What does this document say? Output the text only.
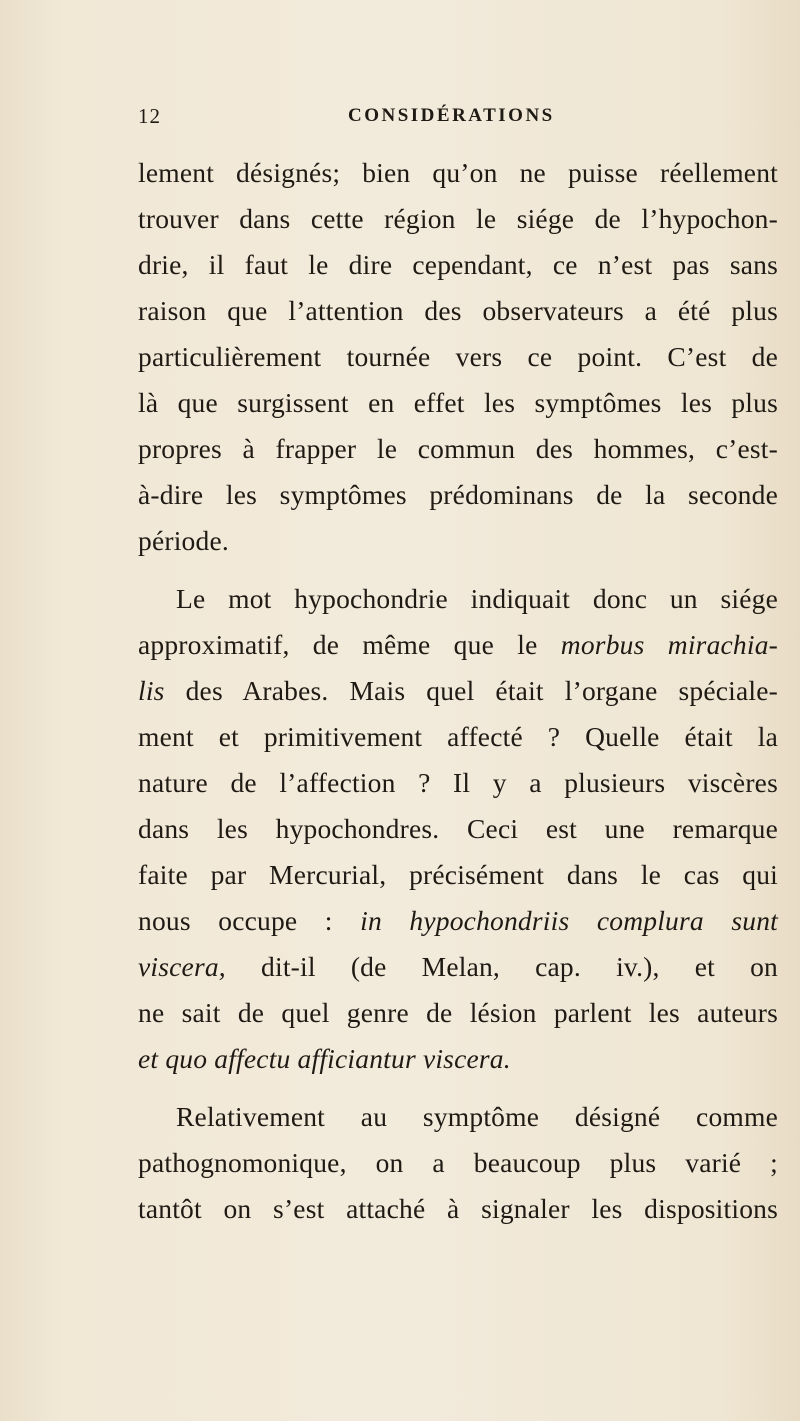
12	CONSIDÉRATIONS
lement désignés; bien qu’on ne puisse réellement
trouver dans cette région le siége de l’hypochon-
drie, il faut le dire cependant, ce n’est pas sans
raison que l’attention des observateurs a été plus
particulièrement tournée vers ce point. C’est de
là que surgissent en effet les symptômes les plus
propres à frapper le commun des hommes, c’est-
à-dire les symptômes prédominans de la seconde
période.
Le mot hypochondrie indiquait donc un siége
approximatif, de même que le morbus mirachia-
lis des Arabes. Mais quel était l’organe spéciale-
ment et primitivement affecté ? Quelle était la
nature de l’affection ? Il y a plusieurs viscères
dans les hypochondres. Ceci est une remarque
faite par Mercurial, précisément dans le cas qui
nous occupe : in hypochondriis complura sunt
viscera, dit-il (de Melan, cap. iv.), et on
ne sait de quel genre de lésion parlent les auteurs
et quo affectu afficiantur viscera.
Relativement au symptôme désigné comme
pathognomonique, on a beaucoup plus varié ;
tantôt on s’est attaché à signaler les dispositions
